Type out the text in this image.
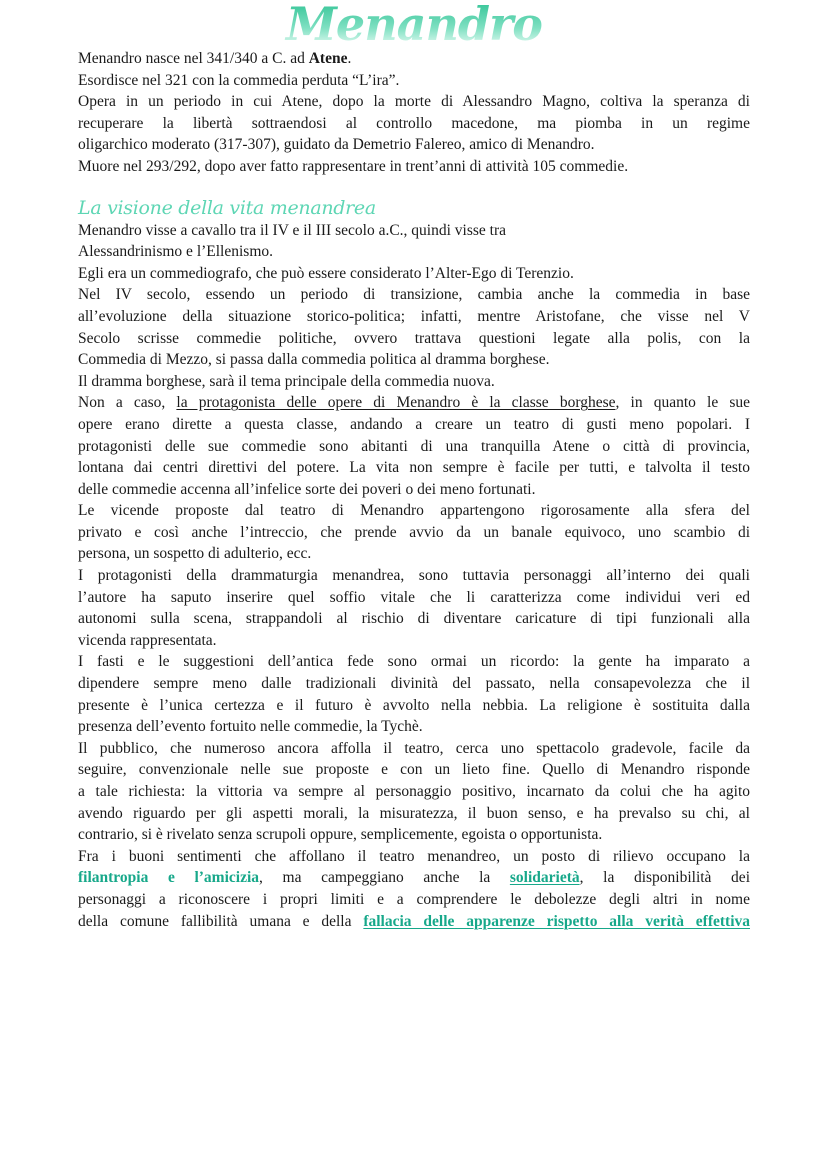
Menandro
Menandro nasce nel 341/340 a C. ad Atene.
Esordisce nel 321 con la commedia perduta “L’ira”.
Opera in un periodo in cui Atene, dopo la morte di Alessandro Magno, coltiva la speranza di
recuperare la libertà sottraendosi al controllo macedone, ma piomba in un regime
oligarchico moderato (317-307), guidato da Demetrio Falereo, amico di Menandro.
Muore nel 293/292, dopo aver fatto rappresentare in trent’anni di attività 105 commedie.
La visione della vita menandrea
Menandro visse a cavallo tra il IV e il III secolo a.C., quindi visse tra
Alessandrinismo e l’Ellenismo.
Egli era un commediografo, che può essere considerato l’Alter-Ego di Terenzio.
Nel IV secolo, essendo un periodo di transizione, cambia anche la commedia in base
all’evoluzione della situazione storico-politica; infatti, mentre Aristofane, che visse nel V
Secolo scrisse commedie politiche, ovvero trattava questioni legate alla polis, con la
Commedia di Mezzo, si passa dalla commedia politica al dramma borghese.
Il dramma borghese, sarà il tema principale della commedia nuova.
Non a caso, la protagonista delle opere di Menandro è la classe borghese, in quanto le sue
opere erano dirette a questa classe, andando a creare un teatro di gusti meno popolari. I
protagonisti delle sue commedie sono abitanti di una tranquilla Atene o città di provincia,
lontana dai centri direttivi del potere. La vita non sempre è facile per tutti, e talvolta il testo
delle commedie accenna all’infelice sorte dei poveri o dei meno fortunati.
Le vicende proposte dal teatro di Menandro appartengono rigorosamente alla sfera del
privato e così anche l’intreccio, che prende avvio da un banale equivoco, uno scambio di
persona, un sospetto di adulterio, ecc.
I protagonisti della drammaturgia menandrea, sono tuttavia personaggi all’interno dei quali
l’autore ha saputo inserire quel soffio vitale che li caratterizza come individui veri ed
autonomi sulla scena, strappandoli al rischio di diventare caricature di tipi funzionali alla
vicenda rappresentata.
I fasti e le suggestioni dell’antica fede sono ormai un ricordo: la gente ha imparato a
dipendere sempre meno dalle tradizionali divinità del passato, nella consapevolezza che il
presente è l’unica certezza e il futuro è avvolto nella nebbia. La religione è sostituita dalla
presenza dell’evento fortuito nelle commedie, la Tychè.
Il pubblico, che numeroso ancora affolla il teatro, cerca uno spettacolo gradevole, facile da
seguire, convenzionale nelle sue proposte e con un lieto fine. Quello di Menandro risponde
a tale richiesta: la vittoria va sempre al personaggio positivo, incarnato da colui che ha agito
avendo riguardo per gli aspetti morali, la misuratezza, il buon senso, e ha prevalso su chi, al
contrario, si è rivelato senza scrupoli oppure, semplicemente, egoista o opportunista.
Fra i buoni sentimenti che affollano il teatro menandreo, un posto di rilievo occupano la
filantropia e l’amicizia, ma campeggiano anche la solidarietà, la disponibilità dei
personaggi a riconoscere i propri limiti e a comprendere le debolezze degli altri in nome
della comune fallibilità umana e della fallacia delle apparenze rispetto alla verità effettiva
